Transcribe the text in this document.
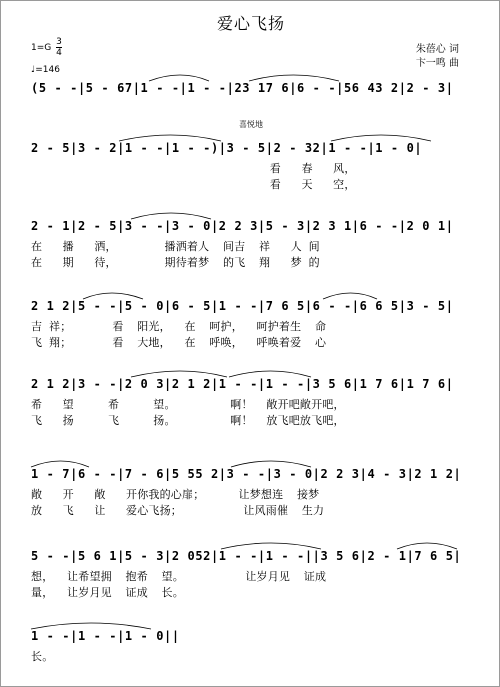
爱心飞扬
$1=G \frac{3}{4}$
♩=146
朱蓓心 词
卞一鸣 曲
喜悦地
(5 - -|5 - 67|1 - -|1 - -|23 17 6|6 - -|56 43 2|2 - 3|
2 - 5|3 - 2|1 - -|1 - -)|3 - 5|2 - 32|1 - -|1 - 0|
看   春   风，
看   天   空，
2 - 1|2 - 5|3 - -|3 - 0|2 2 3|5 - 3|2 3 1|6 - -|2 0 1|
在   播   洒，       播洒着人  间吉  祥   人 间
在   期   待，       期待着梦  的飞  翔   梦 的
2 1 2|5 - -|5 - 0|6 - 5|1 - -|7 6 5|6 - -|6 6 5|3 - 5|
吉 祥；      看  阳光，  在  呵护，  呵护着生  命
飞 翔；      看  大地，  在  呼唤，  呼唤着爱  心
2 1 2|3 - -|2 0 3|2 1 2|1 - -|1 - -|3 5 6|1 7 6|1 7 6|
希   望     希     望。        啊！  敞开吧敞开吧，
飞   扬     飞     扬。        啊！  放飞吧放飞吧，
1 - 7|6 - -|7 - 6|5 55 2|3 - -|3 - 0|2 2 3|4 - 3|2 1 2|
敞   开   敞   开你我的心扉；     让梦想连  接梦
放   飞   让   爱心飞扬；         让风雨催  生力
5 - -|5 6 1|5 - 3|2 052|1 - -|1 - -||3 5 6|2 - 1|7 6 5|
想，  让希望拥  抱希  望。         让岁月见  证成
量，  让岁月见  证成  长。
1 - -|1 - -|1 - 0||
长。
